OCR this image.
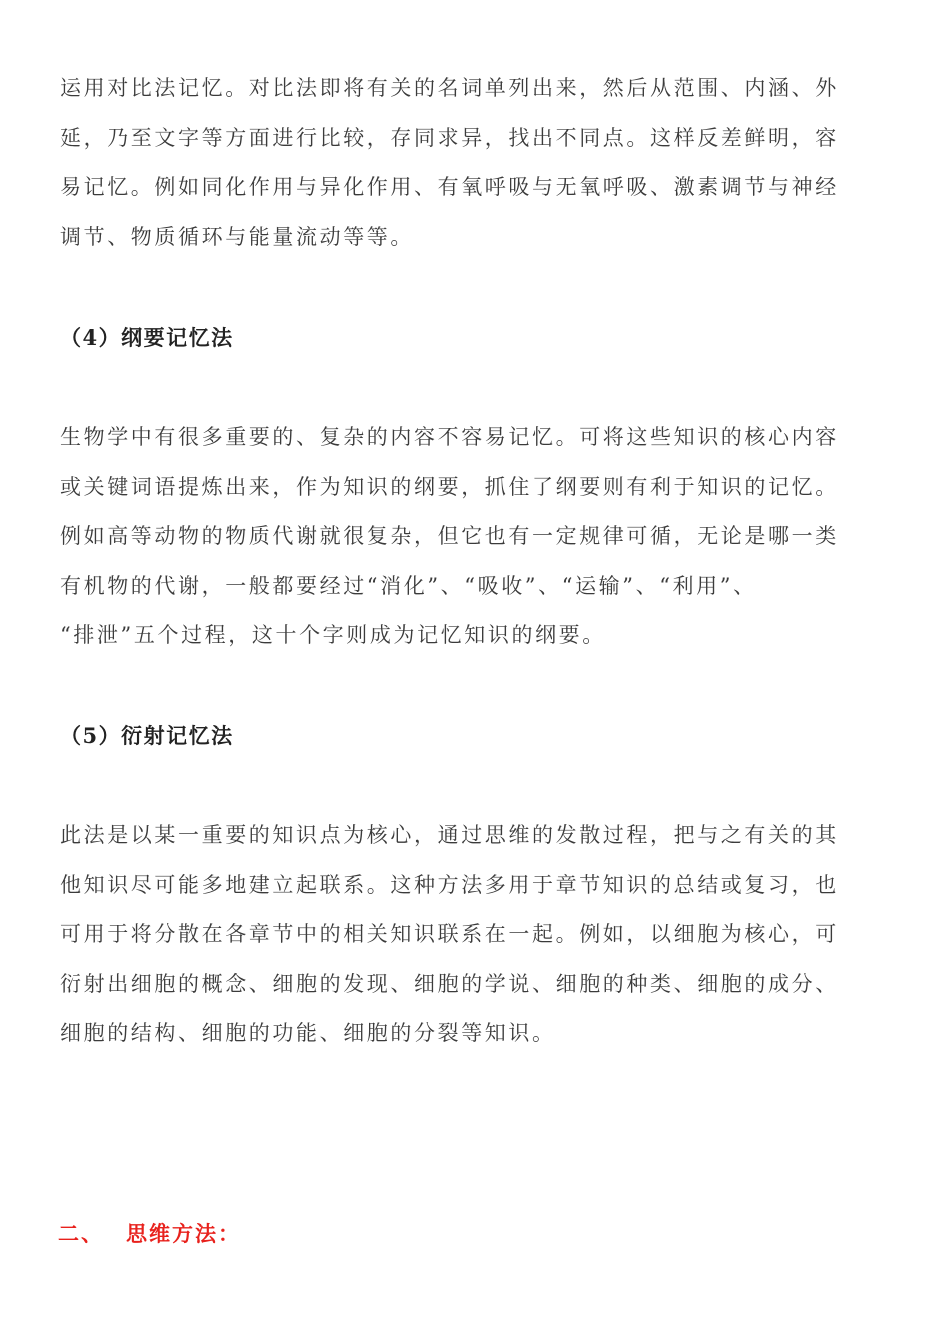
运用对比法记忆。对比法即将有关的名词单列出来，然后从范围、内涵、外
延，乃至文字等方面进行比较，存同求异，找出不同点。这样反差鲜明，容
易记忆。例如同化作用与异化作用、有氧呼吸与无氧呼吸、激素调节与神经
调节、物质循环与能量流动等等。

（4）纲要记忆法

生物学中有很多重要的、复杂的内容不容易记忆。可将这些知识的核心内容
或关键词语提炼出来，作为知识的纲要，抓住了纲要则有利于知识的记忆。
例如高等动物的物质代谢就很复杂，但它也有一定规律可循，无论是哪一类
有机物的代谢，一般都要经过“消化”、“吸收”、“运输”、“利用”、
“排泄”五个过程，这十个字则成为记忆知识的纲要。

（5）衍射记忆法

此法是以某一重要的知识点为核心，通过思维的发散过程，把与之有关的其
他知识尽可能多地建立起联系。这种方法多用于章节知识的总结或复习，也
可用于将分散在各章节中的相关知识联系在一起。例如，以细胞为核心，可
衍射出细胞的概念、细胞的发现、细胞的学说、细胞的种类、细胞的成分、
细胞的结构、细胞的功能、细胞的分裂等知识。

二、 思维方法：
